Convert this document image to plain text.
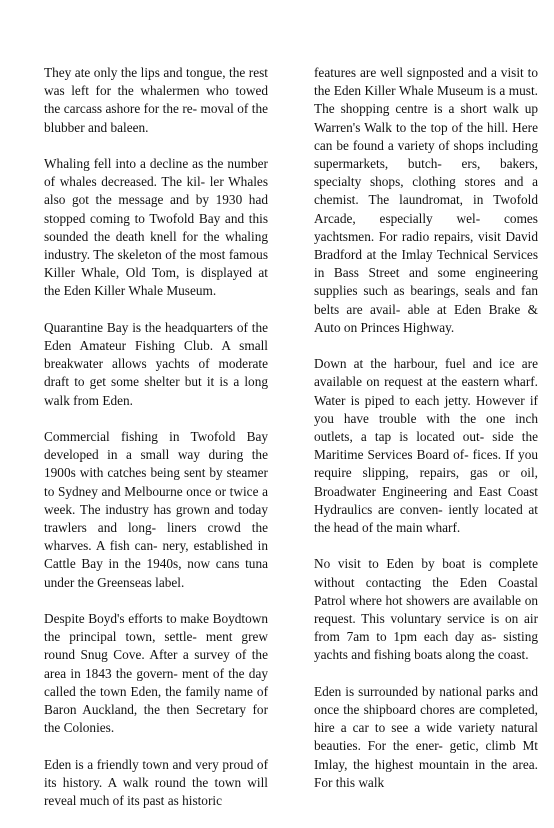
They ate only the lips and tongue, the rest was left for the whalermen who towed the carcass ashore for the re- moval of the blubber and baleen.

Whaling fell into a decline as the number of whales decreased. The kil- ler Whales also got the message and by 1930 had stopped coming to Twofold Bay and this sounded the death knell for the whaling industry. The skeleton of the most famous Killer Whale, Old Tom, is displayed at the Eden Killer Whale Museum.

Quarantine Bay is the headquarters of the Eden Amateur Fishing Club. A small breakwater allows yachts of moderate draft to get some shelter but it is a long walk from Eden.

Commercial fishing in Twofold Bay developed in a small way during the 1900s with catches being sent by steamer to Sydney and Melbourne once or twice a week. The industry has grown and today trawlers and long- liners crowd the wharves. A fish can- nery, established in Cattle Bay in the 1940s, now cans tuna under the Greenseas label.

Despite Boyd's efforts to make Boydtown the principal town, settle- ment grew round Snug Cove. After a survey of the area in 1843 the govern- ment of the day called the town Eden, the family name of Baron Auckland, the then Secretary for the Colonies.

Eden is a friendly town and very proud of its history. A walk round the town will reveal much of its past as historic

features are well signposted and a visit to the Eden Killer Whale Museum is a must. The shopping centre is a short walk up Warren's Walk to the top of the hill. Here can be found a variety of shops including supermarkets, butch- ers, bakers, specialty shops, clothing stores and a chemist. The laundromat, in Twofold Arcade, especially wel- comes yachtsmen. For radio repairs, visit David Bradford at the Imlay Technical Services in Bass Street and some engineering supplies such as bearings, seals and fan belts are avail- able at Eden Brake & Auto on Princes Highway.

Down at the harbour, fuel and ice are available on request at the eastern wharf. Water is piped to each jetty. However if you have trouble with the one inch outlets, a tap is located out- side the Maritime Services Board of- fices. If you require slipping, repairs, gas or oil, Broadwater Engineering and East Coast Hydraulics are conven- iently located at the head of the main wharf.

No visit to Eden by boat is complete without contacting the Eden Coastal Patrol where hot showers are available on request. This voluntary service is on air from 7am to 1pm each day as- sisting yachts and fishing boats along the coast.

Eden is surrounded by national parks and once the shipboard chores are completed, hire a car to see a wide variety natural beauties. For the ener- getic, climb Mt Imlay, the highest mountain in the area. For this walk
